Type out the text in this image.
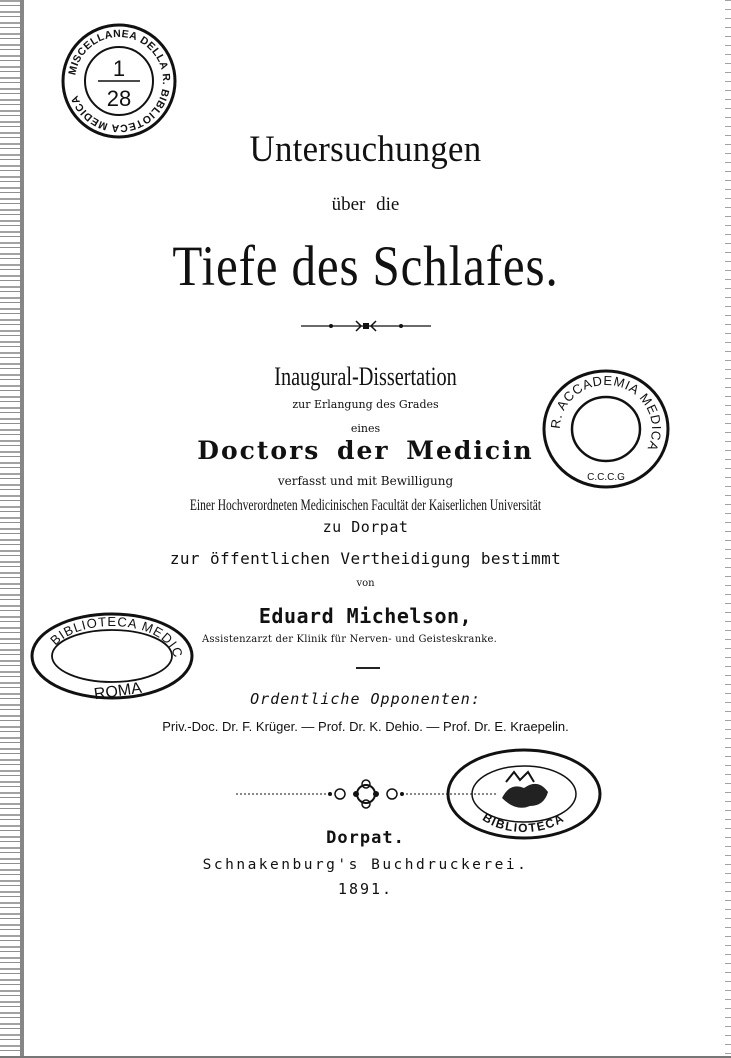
MISCELLANEA DELLA R. BIBLIOTECA MEDICA
1
28
R. ACCADEMIA MEDICA
C.C.C.G
BIBLIOTECA MEDIC
ROMA
BIBLIOTECA
Untersuchungen
über die
Tiefe des Schlafes.
Inaugural-Dissertation
zur Erlangung des Grades
eines
Doctors der Medicin
verfasst und mit Bewilligung
Einer Hochverordneten Medicinischen Facultät der Kaiserlichen Universität
zu Dorpat
zur öffentlichen Vertheidigung bestimmt
von
Eduard Michelson,
Assistenzarzt der Klinik für Nerven- und Geisteskranke.
Ordentliche Opponenten:
Priv.-Doc. Dr. F. Krüger. — Prof. Dr. K. Dehio. — Prof. Dr. E. Kraepelin.
Dorpat.
Schnakenburg's Buchdruckerei.
1891.
